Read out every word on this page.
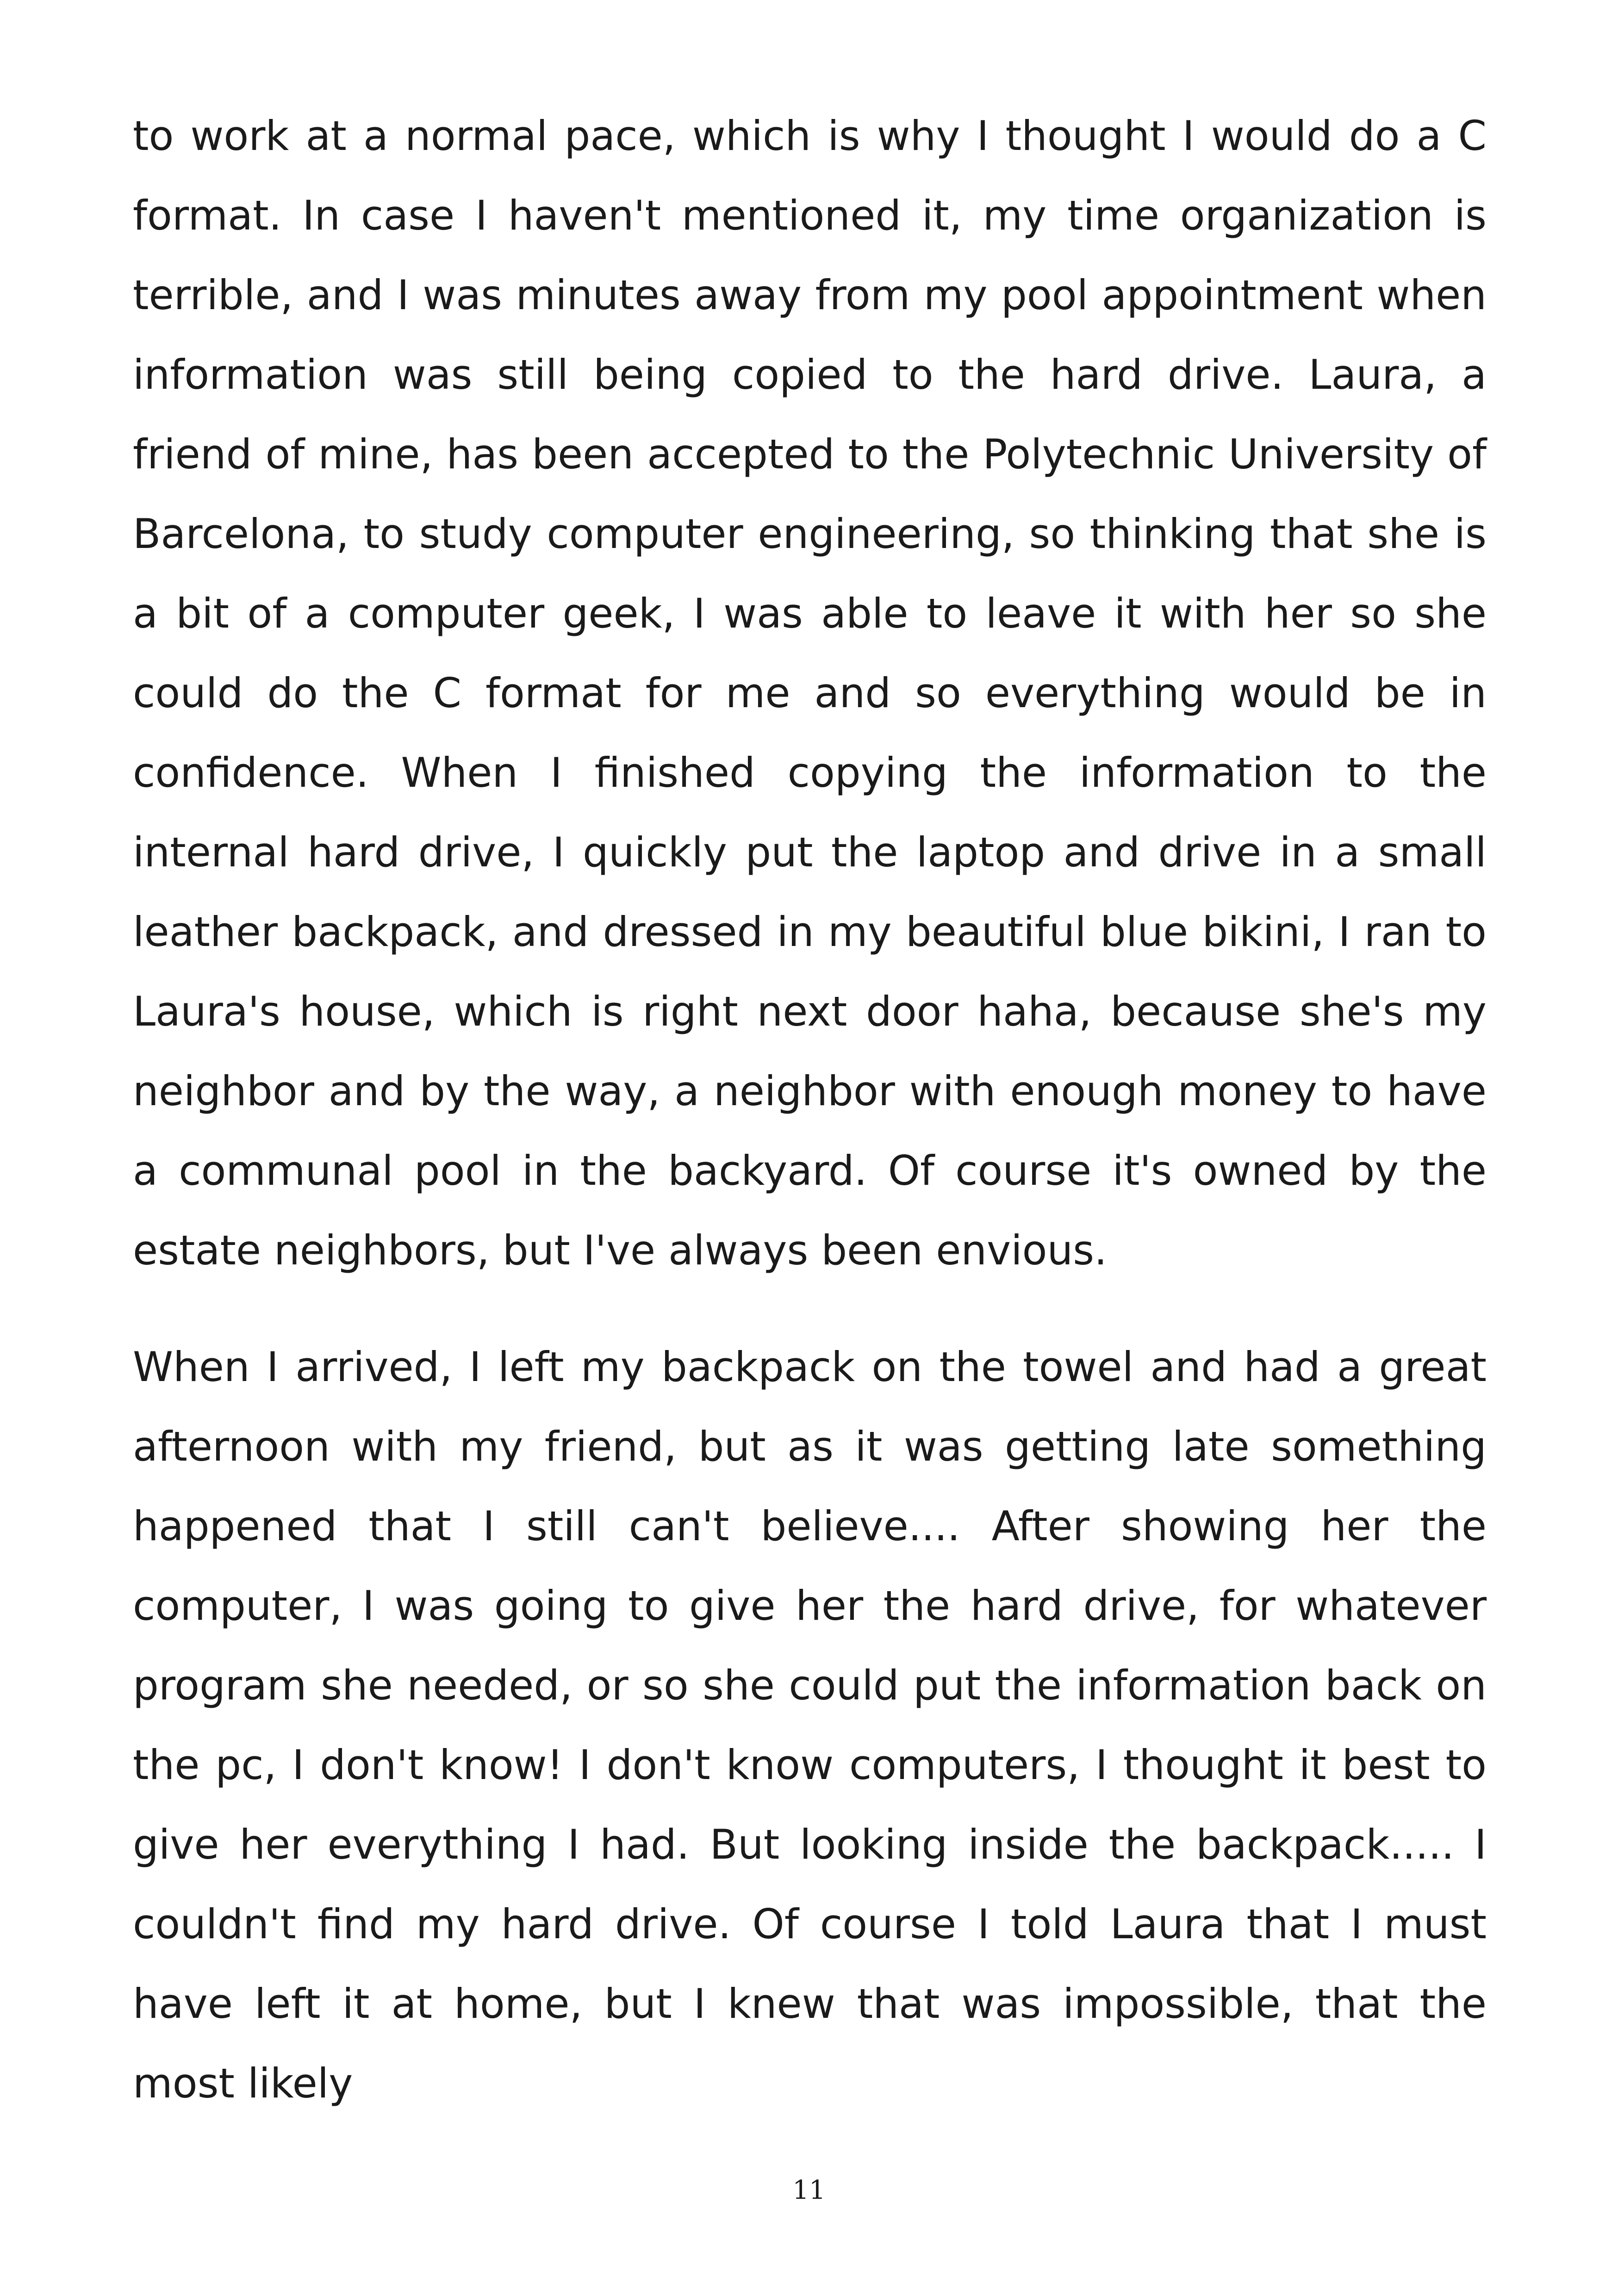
to work at a normal pace, which is why I thought I would do a C format. In case I haven't mentioned it, my time organization is terrible, and I was minutes away from my pool appointment when information was still being copied to the hard drive. Laura, a friend of mine, has been accepted to the Polytechnic University of Barcelona, to study computer engineering, so thinking that she is a bit of a computer geek, I was able to leave it with her so she could do the C format for me and so everything would be in confidence. When I finished copying the information to the internal hard drive, I quickly put the laptop and drive in a small leather backpack, and dressed in my beautiful blue bikini, I ran to Laura's house, which is right next door haha, because she's my neighbor and by the way, a neighbor with enough money to have a communal pool in the backyard. Of course it's owned by the estate neighbors, but I've always been envious.

When I arrived, I left my backpack on the towel and had a great afternoon with my friend, but as it was getting late something happened that I still can't believe.... After showing her the computer, I was going to give her the hard drive, for whatever program she needed, or so she could put the information back on the pc, I don't know! I don't know computers, I thought it best to give her everything I had. But looking inside the backpack..... I couldn't find my hard drive. Of course I told Laura that I must have left it at home, but I knew that was impossible, that the most likely

11
